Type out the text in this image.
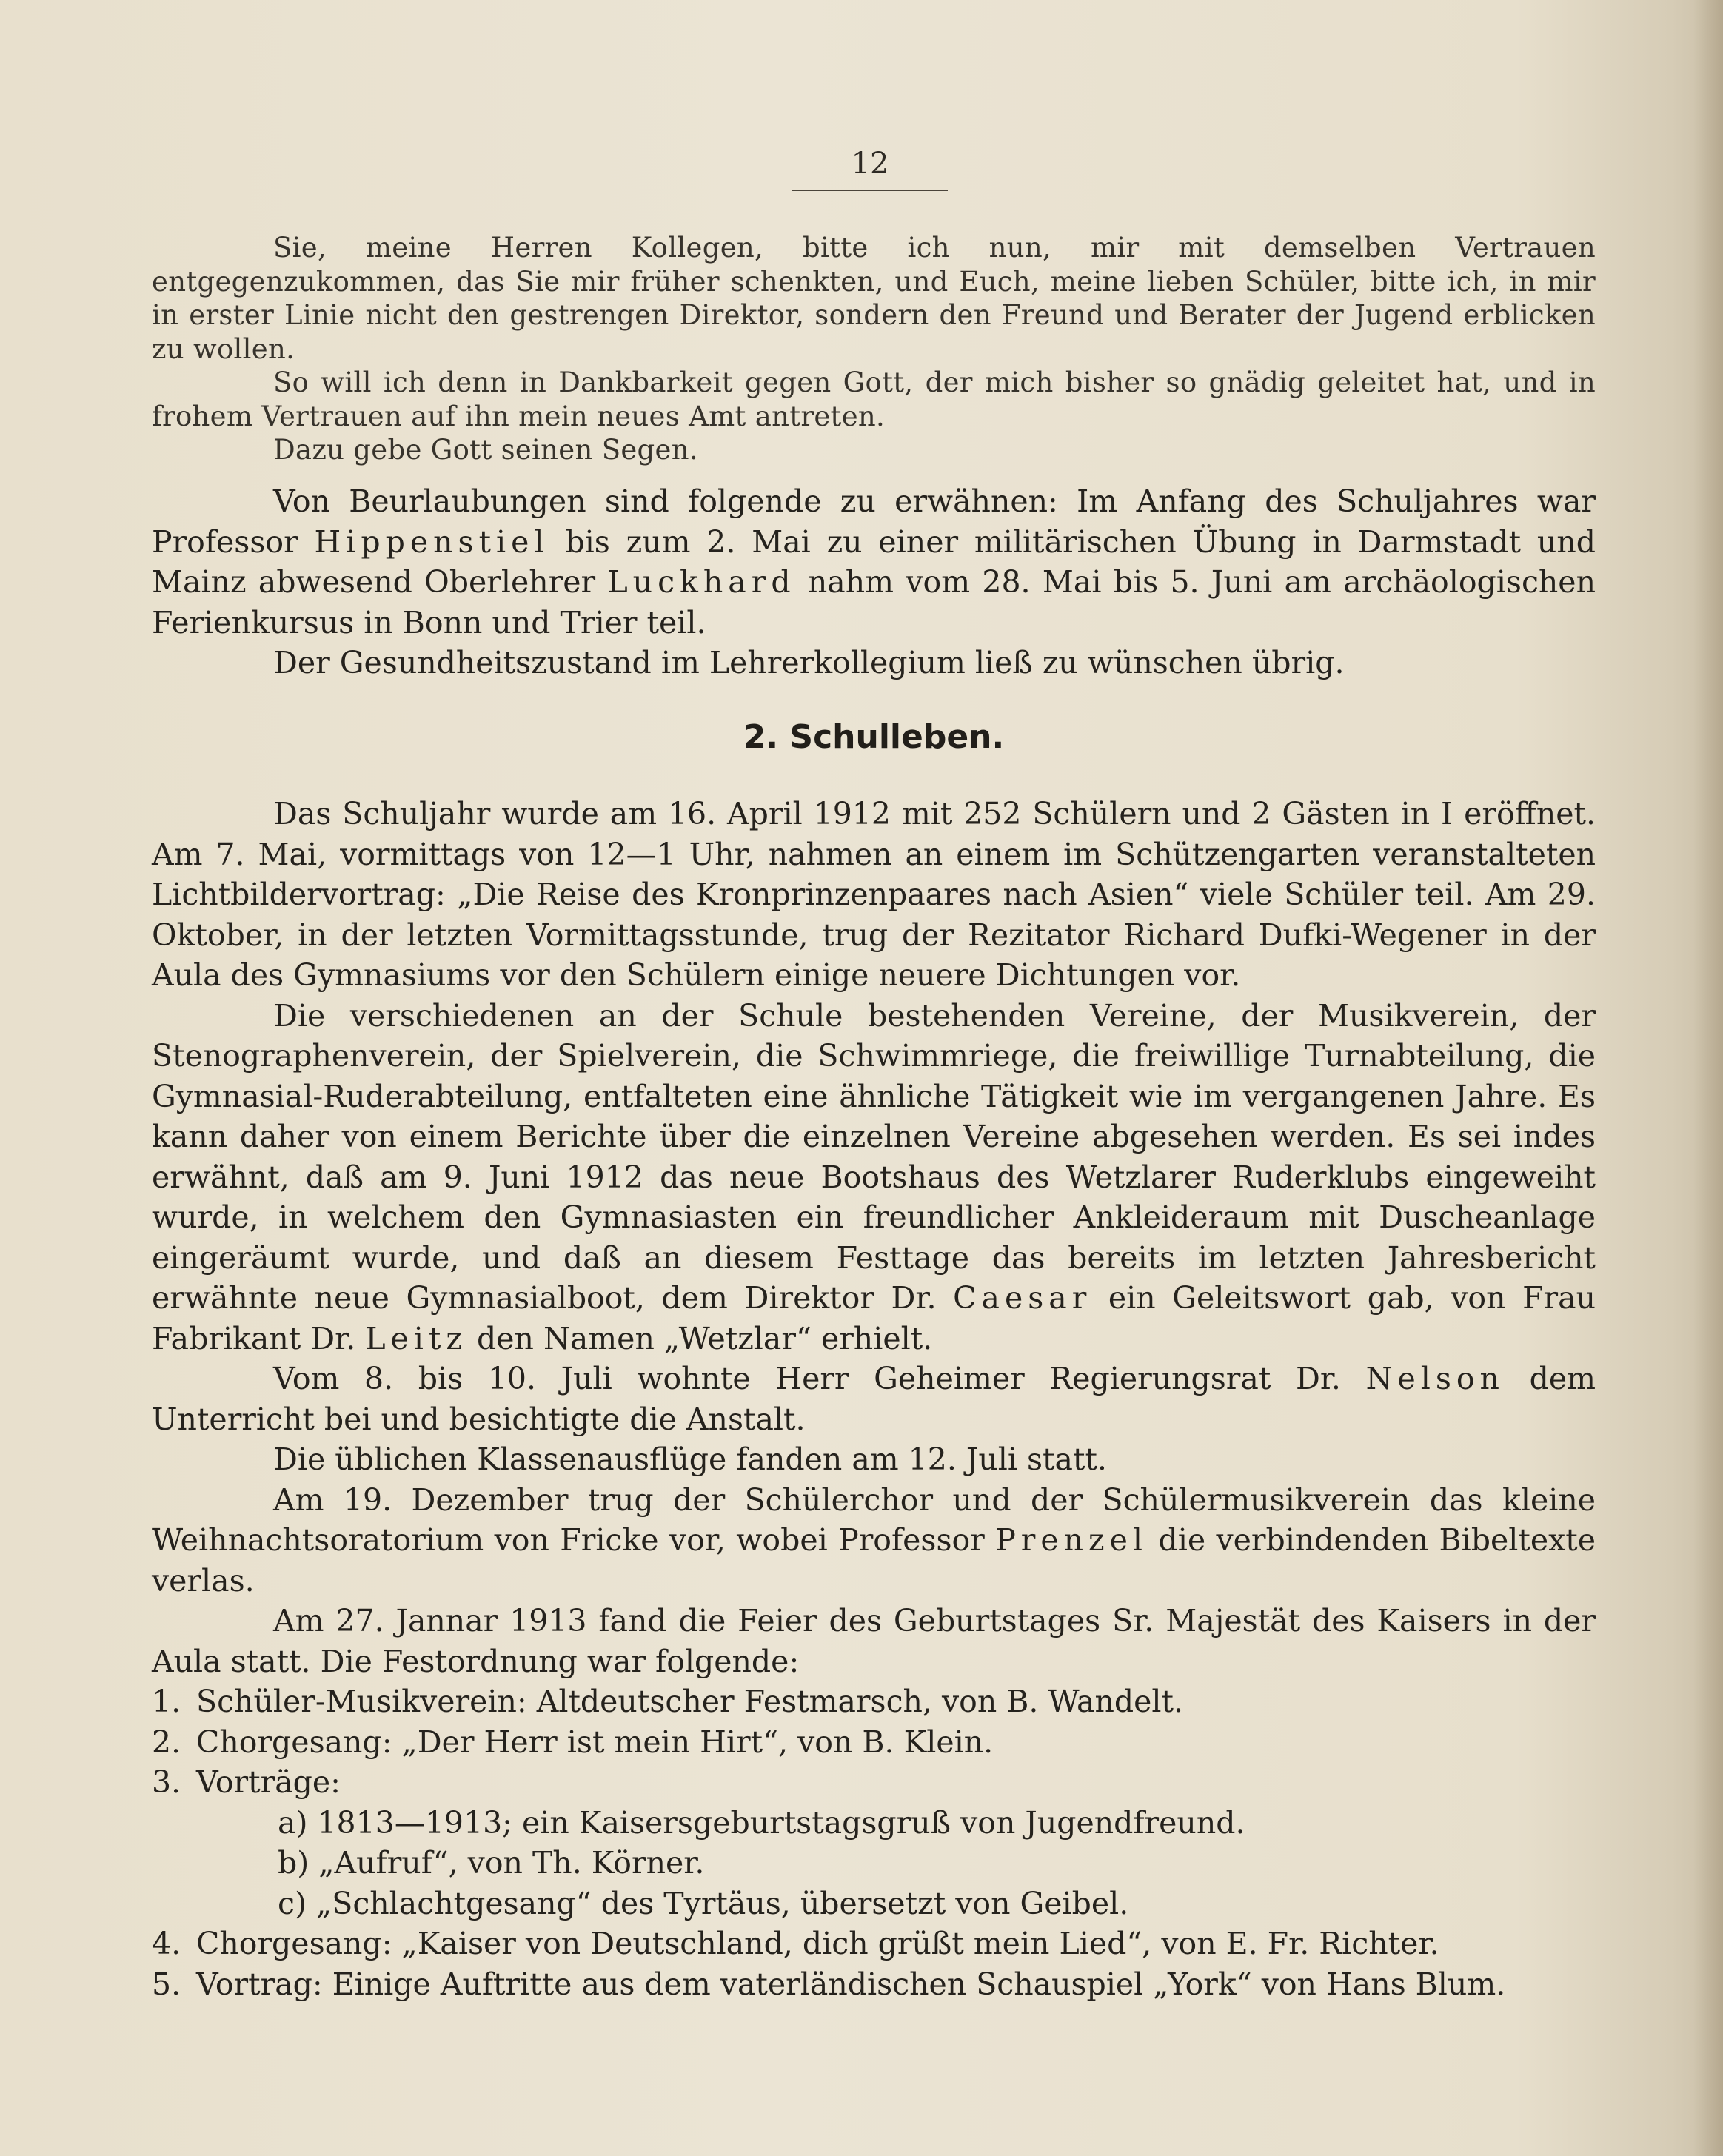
12

Sie, meine Herren Kollegen, bitte ich nun, mir mit demselben Vertrauen entgegenzukommen, das Sie mir früher schenkten, und Euch, meine lieben Schüler, bitte ich, in mir in erster Linie nicht den gestrengen Direktor, sondern den Freund und Berater der Jugend erblicken zu wollen.

So will ich denn in Dankbarkeit gegen Gott, der mich bisher so gnädig geleitet hat, und in frohem Vertrauen auf ihn mein neues Amt antreten.

Dazu gebe Gott seinen Segen.

Von Beurlaubungen sind folgende zu erwähnen: Im Anfang des Schuljahres war Professor Hippenstiel bis zum 2. Mai zu einer militärischen Übung in Darmstadt und Mainz abwesend Oberlehrer Luckhard nahm vom 28. Mai bis 5. Juni am archäologischen Ferienkursus in Bonn und Trier teil.

Der Gesundheitszustand im Lehrerkollegium ließ zu wünschen übrig.

2. Schulleben.

Das Schuljahr wurde am 16. April 1912 mit 252 Schülern und 2 Gästen in I eröffnet. Am 7. Mai, vormittags von 12—1 Uhr, nahmen an einem im Schützengarten veranstalteten Lichtbildervortrag: „Die Reise des Kronprinzenpaares nach Asien“ viele Schüler teil. Am 29. Oktober, in der letzten Vormittagsstunde, trug der Rezitator Richard Dufki-Wegener in der Aula des Gymnasiums vor den Schülern einige neuere Dichtungen vor.

Die verschiedenen an der Schule bestehenden Vereine, der Musikverein, der Stenographenverein, der Spielverein, die Schwimmriege, die freiwillige Turnabteilung, die Gymnasial-Ruderabteilung, entfalteten eine ähnliche Tätigkeit wie im vergangenen Jahre. Es kann daher von einem Berichte über die einzelnen Vereine abgesehen werden. Es sei indes erwähnt, daß am 9. Juni 1912 das neue Bootshaus des Wetzlarer Ruderklubs eingeweiht wurde, in welchem den Gymnasiasten ein freundlicher Ankleideraum mit Duscheanlage eingeräumt wurde, und daß an diesem Festtage das bereits im letzten Jahresbericht erwähnte neue Gymnasialboot, dem Direktor Dr. Caesar ein Geleitswort gab, von Frau Fabrikant Dr. Leitz den Namen „Wetzlar“ erhielt.

Vom 8. bis 10. Juli wohnte Herr Geheimer Regierungsrat Dr. Nelson dem Unterricht bei und besichtigte die Anstalt.

Die üblichen Klassenausflüge fanden am 12. Juli statt.

Am 19. Dezember trug der Schülerchor und der Schülermusikverein das kleine Weihnachtsoratorium von Fricke vor, wobei Professor Prenzel die verbindenden Bibeltexte verlas.

Am 27. Jannar 1913 fand die Feier des Geburtstages Sr. Majestät des Kaisers in der Aula statt. Die Festordnung war folgende:

1. Schüler-Musikverein: Altdeutscher Festmarsch, von B. Wandelt.

2. Chorgesang: „Der Herr ist mein Hirt“, von B. Klein.

3. Vorträge:

a) 1813—1913; ein Kaisersgeburtstagsgruß von Jugendfreund.

b) „Aufruf“, von Th. Körner.

c) „Schlachtgesang“ des Tyrtäus, übersetzt von Geibel.

4. Chorgesang: „Kaiser von Deutschland, dich grüßt mein Lied“, von E. Fr. Richter.

5. Vortrag: Einige Auftritte aus dem vaterländischen Schauspiel „York“ von Hans Blum.
